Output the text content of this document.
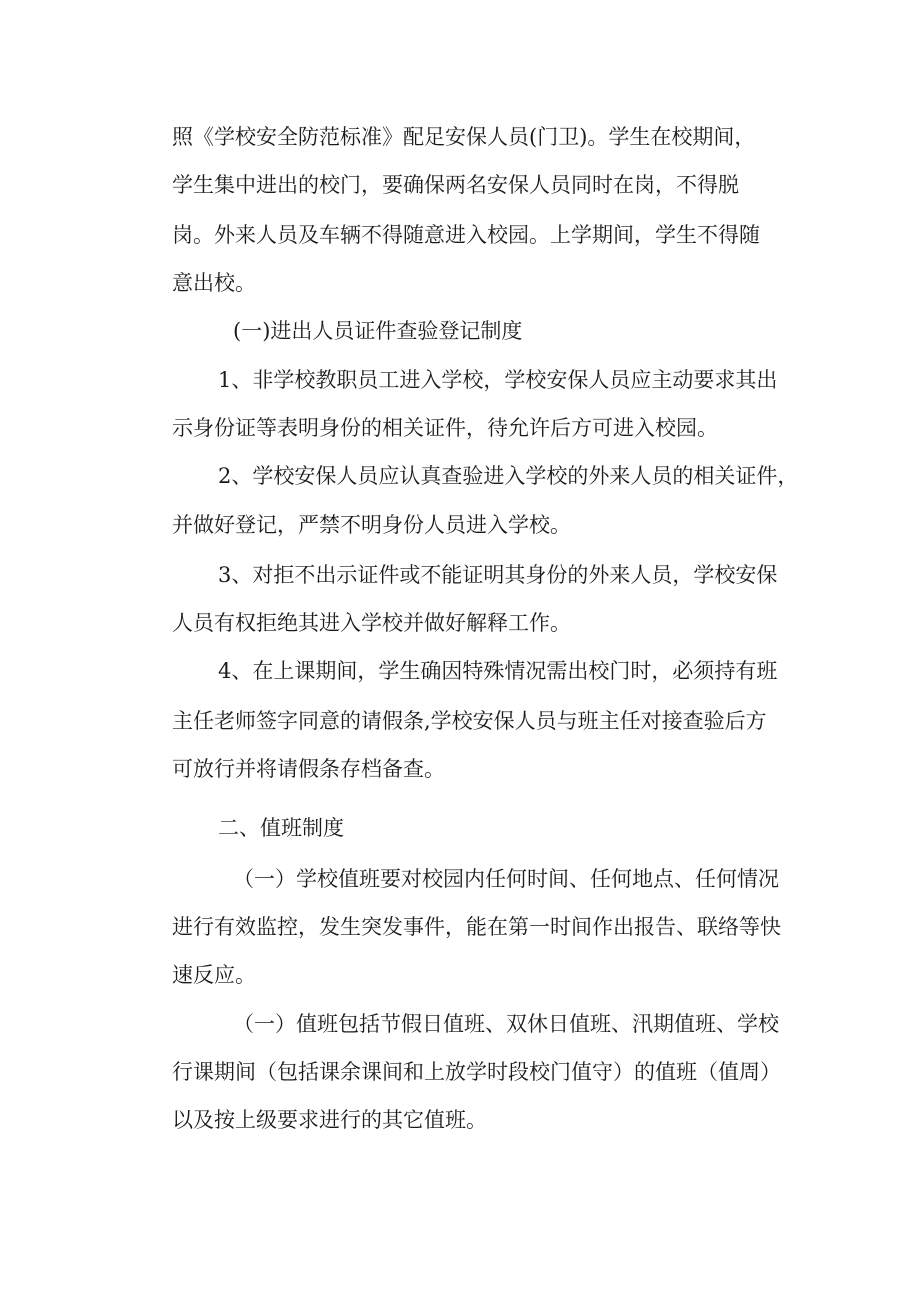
照《学校安全防范标准》配足安保人员(门卫)。学生在校期间，

学生集中进出的校门，要确保两名安保人员同时在岗，不得脱

岗。外来人员及车辆不得随意进入校园。上学期间，学生不得随

意出校。

(一)进出人员证件查验登记制度

1、非学校教职员工进入学校，学校安保人员应主动要求其出

示身份证等表明身份的相关证件，待允许后方可进入校园。

2、学校安保人员应认真查验进入学校的外来人员的相关证件，

并做好登记，严禁不明身份人员进入学校。

3、对拒不出示证件或不能证明其身份的外来人员，学校安保

人员有权拒绝其进入学校并做好解释工作。

4、在上课期间，学生确因特殊情况需出校门时，必须持有班

主任老师签字同意的请假条,学校安保人员与班主任对接查验后方

可放行并将请假条存档备查。

二、值班制度

（一）学校值班要对校园内任何时间、任何地点、任何情况

进行有效监控，发生突发事件，能在第一时间作出报告、联络等快

速反应。

（一）值班包括节假日值班、双休日值班、汛期值班、学校

行课期间（包括课余课间和上放学时段校门值守）的值班（值周）

以及按上级要求进行的其它值班。
